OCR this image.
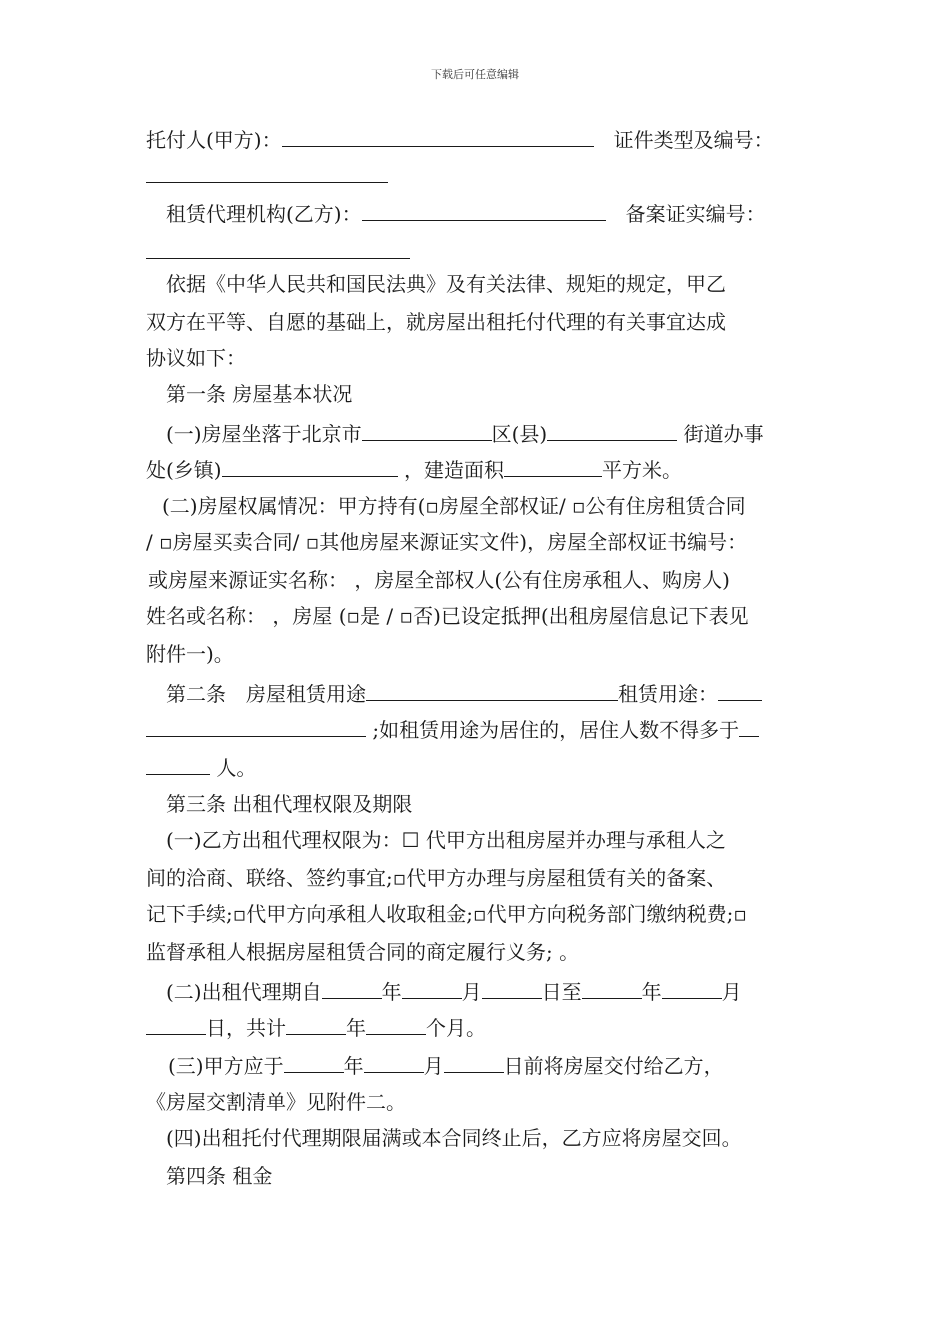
下载后可任意编辑
托付人(甲方)：	　证件类型及编号：
租赁代理机构(乙方)：	　备案证实编号：
依据《中华人民共和国民法典》及有关法律、规矩的规定，甲乙
双方在平等、自愿的基础上，就房屋出租托付代理的有关事宜达成
协议如下：
第一条 房屋基本状况
(一)房屋坐落于北京市	区(县)	街道办事
处(乡镇)	，建造面积	平方米。
(二)房屋权属情况：甲方持有(▫房屋全部权证/ ▫公有住房租赁合同
/ ▫房屋买卖合同/ ▫其他房屋来源证实文件)，房屋全部权证书编号：
或房屋来源证实名称： ，房屋全部权人(公有住房承租人、购房人)
姓名或名称： ，房屋 (▫是 / ▫否)已设定抵押(出租房屋信息记下表见
附件一)。
第二条　房屋租赁用途	租赁用途：
;如租赁用途为居住的，居住人数不得多于
人。
第三条 出租代理权限及期限
(一)乙方出租代理权限为：☐ 代甲方出租房屋并办理与承租人之
间的洽商、联络、签约事宜;▫代甲方办理与房屋租赁有关的备案、
记下手续;▫代甲方向承租人收取租金;▫代甲方向税务部门缴纳税费;▫
监督承租人根据房屋租赁合同的商定履行义务; 。
(二)出租代理期自	年	月	日至	年	月
日，共计	年	个月。
(三)甲方应于	年	月	日前将房屋交付给乙方，
《房屋交割清单》见附件二。
(四)出租托付代理期限届满或本合同终止后，乙方应将房屋交回。
第四条 租金
